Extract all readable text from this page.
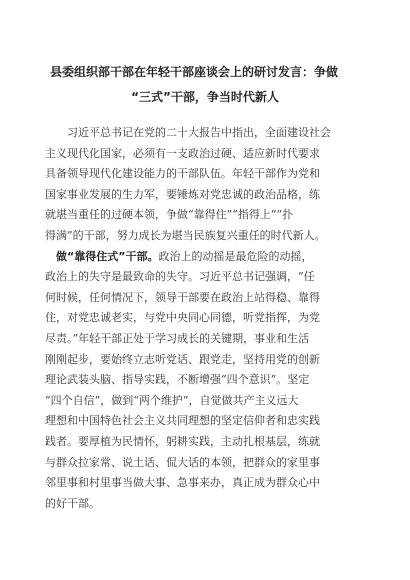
县委组织部干部在年轻干部座谈会上的研讨发言：争做
“三式”干部，争当时代新人
习近平总书记在党的二十大报告中指出，全面建设社会
主义现代化国家，必须有一支政治过硬、适应新时代要求
具备领导现代化建设能力的干部队伍。年轻干部作为党和
国家事业发展的生力军，要锤炼对党忠诚的政治品格，练
就堪当重任的过硬本领，争做“靠得住”“指得上”“扑
得满”的干部，努力成长为堪当民族复兴重任的时代新人。
做“靠得住式”干部。政治上的动摇是最危险的动摇，
政治上的失守是最致命的失守。习近平总书记强调，“任
何时候，任何情况下，领导干部要在政治上站得稳、靠得
住，对党忠诚老实，与党中央同心同德，听党指挥，为党
尽责。”年轻干部正处于学习成长的关键期，事业和生活
刚刚起步，要始终立志听党话、跟党走，坚持用党的创新
理论武装头脑、指导实践，不断增强“四个意识”。坚定
“四个自信”，做到“两个维护”，自觉做共产主义远大
理想和中国特色社会主义共同理想的坚定信仰者和忠实践
践者。要厚植为民情怀，躬耕实践，主动扎根基层，练就
与群众拉家常、说土话、侃大话的本领，把群众的家里事
邻里事和村里事当做大事、急事来办，真正成为群众心中
的好干部。
